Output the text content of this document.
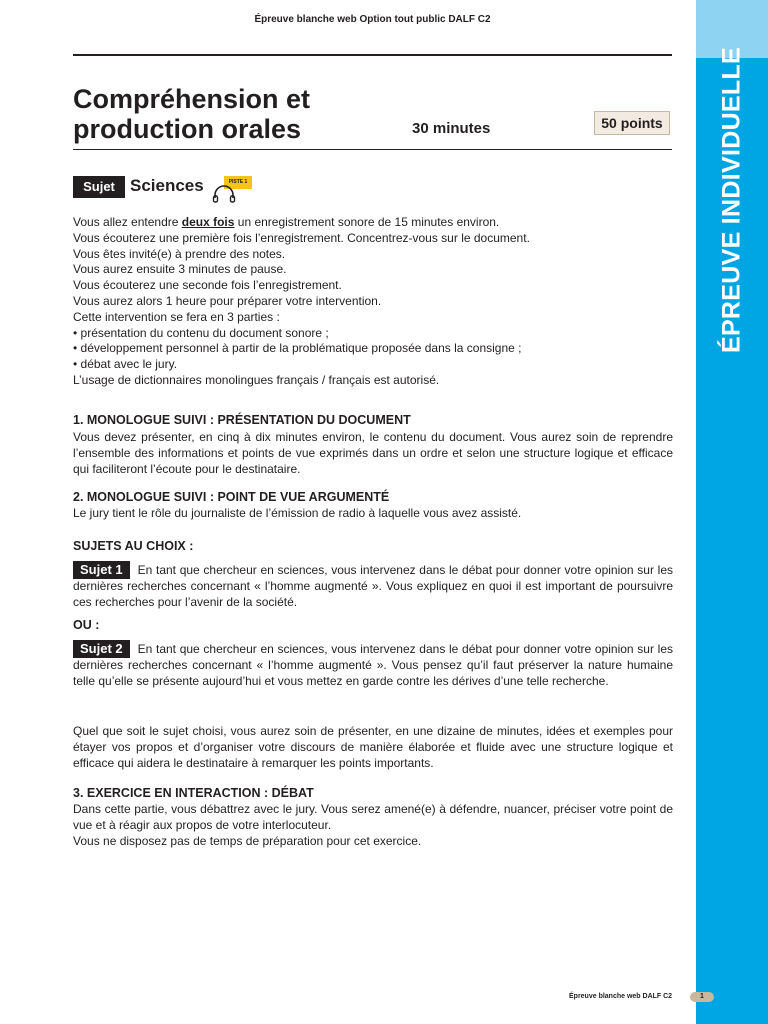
ÉPREUVE INDIVIDUELLE
Épreuve blanche web Option tout public DALF C2
Compréhension et
production orales	30 minutes	50 points
Sujet Sciences	PISTE 1

Vous allez entendre deux fois un enregistrement sonore de 15 minutes environ.

Vous écouterez une première fois l’enregistrement. Concentrez-vous sur le document.

Vous êtes invité(e) à prendre des notes.

Vous aurez ensuite 3 minutes de pause.

Vous écouterez une seconde fois l’enregistrement.

Vous aurez alors 1 heure pour préparer votre intervention.

Cette intervention se fera en 3 parties :

• présentation du contenu du document sonore ;

• développement personnel à partir de la problématique proposée dans la consigne ;

• débat avec le jury.

L’usage de dictionnaires monolingues français / français est autorisé.

1. MONOLOGUE SUIVI : PRÉSENTATION DU DOCUMENT

Vous devez présenter, en cinq à dix minutes environ, le contenu du document. Vous aurez soin de reprendre l’ensemble des informations et points de vue exprimés dans un ordre et selon une structure logique et efficace qui faciliteront l’écoute pour le destinataire.

2. MONOLOGUE SUIVI : POINT DE VUE ARGUMENTÉ

Le jury tient le rôle du journaliste de l’émission de radio à laquelle vous avez assisté.

SUJETS AU CHOIX :

Sujet 1 En tant que chercheur en sciences, vous intervenez dans le débat pour donner votre opinion sur les dernières recherches concernant « l’homme augmenté ». Vous expliquez en quoi il est important de poursuivre ces recherches pour l’avenir de la société.

OU :

Sujet 2 En tant que chercheur en sciences, vous intervenez dans le débat pour donner votre opinion sur les dernières recherches concernant « l’homme augmenté ». Vous pensez qu’il faut préserver la nature humaine telle qu’elle se présente aujourd’hui et vous mettez en garde contre les dérives d’une telle recherche.

Quel que soit le sujet choisi, vous aurez soin de présenter, en une dizaine de minutes, idées et exemples pour étayer vos propos et d’organiser votre discours de manière élaborée et fluide avec une structure logique et efficace qui aidera le destinataire à remarquer les points importants.

3. EXERCICE EN INTERACTION : DÉBAT

Dans cette partie, vous débattrez avec le jury. Vous serez amené(e) à défendre, nuancer, préciser votre point de vue et à réagir aux propos de votre interlocuteur.
Vous ne disposez pas de temps de préparation pour cet exercice.

Épreuve blanche web DALF C2	1
